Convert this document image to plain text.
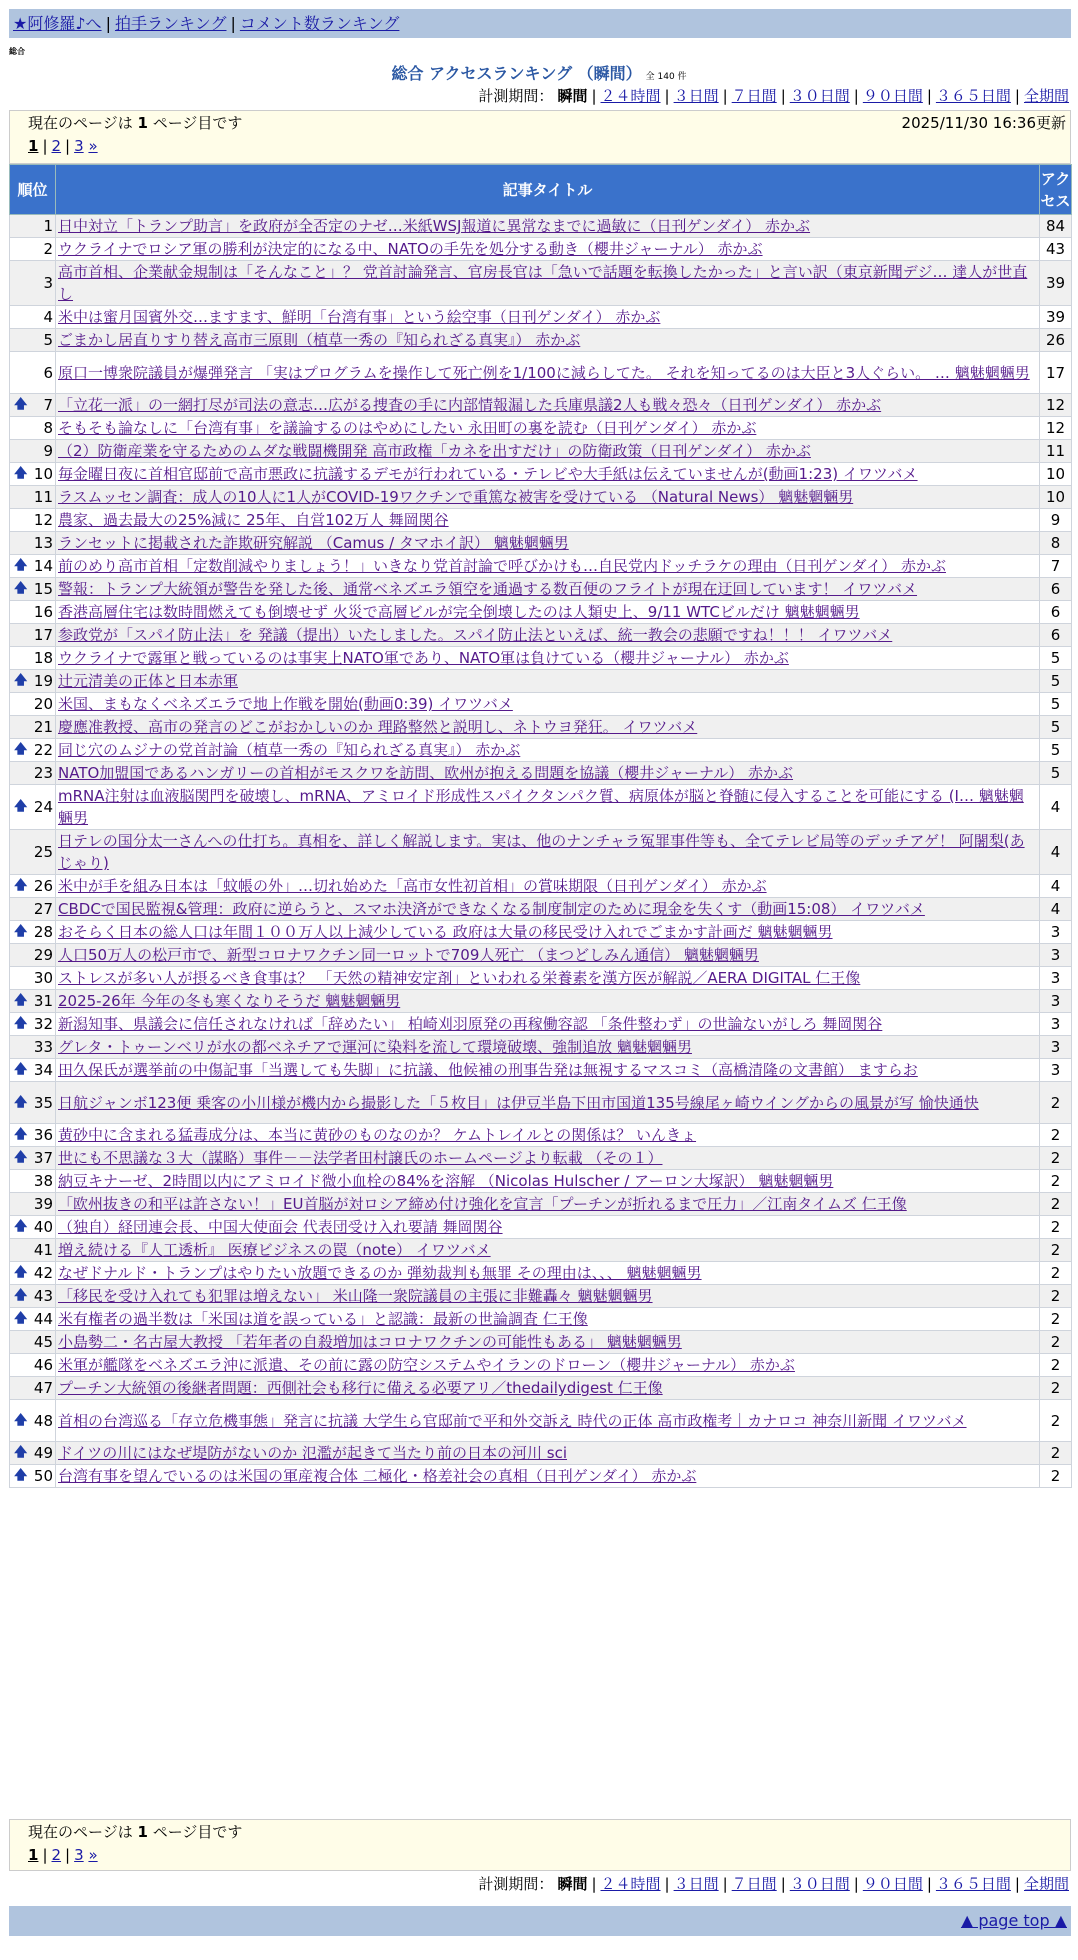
★阿修羅♪へ | 拍手ランキング | コメント数ランキング
総合
総合 アクセスランキング （瞬間） 全 140 件
計測期間： 瞬間 | ２４時間 | ３日間 | ７日間 | ３０日間 | ９０日間 | ３６５日間 | 全期間
現在のページは 1 ページ目です	2025/11/30 16:36更新
1 | 2 | 3 »
順位	記事タイトル	アクセス
1	日中対立「トランプ助言」を政府が全否定のナゼ…米紙WSJ報道に異常なまでに過敏に（日刊ゲンダイ） 赤かぶ	84
2	ウクライナでロシア軍の勝利が決定的になる中、NATOの手先を処分する動き（櫻井ジャーナル） 赤かぶ	43
3	高市首相、企業献金規制は「そんなこと」？ 党首討論発言、官房長官は「急いで話題を転換したかった」と言い訳（東京新聞デジ… 達人が世直し	39
4	米中は蜜月国賓外交…ますます、鮮明「台湾有事」という絵空事（日刊ゲンダイ） 赤かぶ	39
5	ごまかし居直りすり替え高市三原則（植草一秀の『知られざる真実』） 赤かぶ	26
6	原口一博衆院議員が爆弾発言 「実はプログラムを操作して死亡例を1/100に減らしてた。 それを知ってるのは大臣と3人ぐらい。 … 魑魅魍魎男	17

🡅 7	「立花一派」の一網打尽が司法の意志…広がる捜査の手に内部情報漏した兵庫県議2人も戦々恐々（日刊ゲンダイ） 赤かぶ	12
8	そもそも論なしに「台湾有事」を議論するのはやめにしたい 永田町の裏を読む（日刊ゲンダイ） 赤かぶ	12
9	（2）防衛産業を守るためのムダな戦闘機開発 高市政権「カネを出すだけ」の防衛政策（日刊ゲンダイ） 赤かぶ	11

🡅 10	毎金曜日夜に首相官邸前で高市悪政に抗議するデモが行われている・テレビや大手紙は伝えていませんが(動画1:23) イワツバメ	10
11	ラスムッセン調査：成人の10人に1人がCOVID-19ワクチンで重篤な被害を受けている （Natural News） 魑魅魍魎男	10
12	農家、過去最大の25%減に 25年、自営102万人 舞岡関谷	9
13	ランセットに掲載された詐欺研究解説 （Camus / タマホイ訳） 魑魅魍魎男	8

🡅 14	前のめり高市首相「定数削減やりましょう！」いきなり党首討論で呼びかけも…自民党内ドッチラケの理由（日刊ゲンダイ） 赤かぶ	7

🡅 15	警報：トランプ大統領が警告を発した後、通常ベネズエラ領空を通過する数百便のフライトが現在迂回しています！ イワツバメ	6
16	香港高層住宅は数時間燃えても倒壊せず 火災で高層ビルが完全倒壊したのは人類史上、9/11 WTCビルだけ 魑魅魍魎男	6
17	参政党が「スパイ防止法」を 発議（提出）いたしました。スパイ防止法といえば、統一教会の悲願ですね！！！ イワツバメ	6
18	ウクライナで露軍と戦っているのは事実上NATO軍であり、NATO軍は負けている（櫻井ジャーナル） 赤かぶ	5

🡅 19	辻元清美の正体と日本赤軍	5
20	米国、まもなくベネズエラで地上作戦を開始(動画0:39) イワツバメ	5
21	慶應准教授、高市の発言のどこがおかしいのか 理路整然と説明し、ネトウヨ発狂。 イワツバメ	5

🡅 22	同じ穴のムジナの党首討論（植草一秀の『知られざる真実』） 赤かぶ	5
23	NATO加盟国であるハンガリーの首相がモスクワを訪問、欧州が抱える問題を協議（櫻井ジャーナル） 赤かぶ	5

🡅 24	mRNA注射は血液脳関門を破壊し、mRNA、アミロイド形成性スパイクタンパク質、病原体が脳と脊髄に侵入することを可能にする (I… 魑魅魍魎男	4
25	日テレの国分太一さんへの仕打ち。真相を、詳しく解説します。実は、他のナンチャラ冤罪事件等も、全てテレビ局等のデッチアゲ！ 阿闍梨(あじゃり)	4

🡅 26	米中が手を組み日本は「蚊帳の外」…切れ始めた「高市女性初首相」の賞味期限（日刊ゲンダイ） 赤かぶ	4
27	CBDCで国民監視&管理：政府に逆らうと、スマホ決済ができなくなる制度制定のために現金を失くす（動画15:08） イワツバメ	4

🡅 28	おそらく日本の総人口は年間１００万人以上減少している 政府は大量の移民受け入れでごまかす計画だ 魑魅魍魎男	3
29	人口50万人の松戸市で、新型コロナワクチン同一ロットで709人死亡 （まつどしみん通信） 魑魅魍魎男	3
30	ストレスが多い人が摂るべき食事は？ 「天然の精神安定剤」といわれる栄養素を漢方医が解説／AERA DIGITAL 仁王像	3

🡅 31	2025-26年 今年の冬も寒くなりそうだ 魑魅魍魎男	3

🡅 32	新潟知事、県議会に信任されなければ「辞めたい」 柏崎刈羽原発の再稼働容認 「条件整わず」の世論ないがしろ 舞岡関谷	3
33	グレタ・トゥーンベリが水の都ベネチアで運河に染料を流して環境破壊、強制追放 魑魅魍魎男	3

🡅 34	田久保氏が選挙前の中傷記事「当選しても失脚」に抗議、他候補の刑事告発は無視するマスコミ（高橋清隆の文書館） ますらお	3

🡅 35	日航ジャンボ123便 乗客の小川様が機内から撮影した「５枚目」は伊豆半島下田市国道135号線尾ヶ崎ウイングからの風景が写 愉快通快	2

🡅 36	黄砂中に含まれる猛毒成分は、本当に黄砂のものなのか？ ケムトレイルとの関係は？ いんきょ	2

🡅 37	世にも不思議な３大（謀略）事件－－法学者田村譲氏のホームページより転載 （その１）	2
38	納豆キナーゼ、2時間以内にアミロイド微小血栓の84%を溶解 （Nicolas Hulscher / アーロン大塚訳） 魑魅魍魎男	2
39	「欧州抜きの和平は許さない！」EU首脳が対ロシア締め付け強化を宣言「プーチンが折れるまで圧力」／江南タイムズ 仁王像	2

🡅 40	（独自）経団連会長、中国大使面会 代表団受け入れ要請 舞岡関谷	2
41	増え続ける『人工透析』 医療ビジネスの罠（note） イワツバメ	2

🡅 42	なぜドナルド・トランプはやりたい放題できるのか 弾劾裁判も無罪 その理由は、、、 魑魅魍魎男	2

🡅 43	「移民を受け入れても犯罪は増えない」 米山隆一衆院議員の主張に非難轟々 魑魅魍魎男	2

🡅 44	米有権者の過半数は「米国は道を誤っている」と認識：最新の世論調査 仁王像	2
45	小島勢二・名古屋大教授 「若年者の自殺増加はコロナワクチンの可能性もある」 魑魅魍魎男	2
46	米軍が艦隊をベネズエラ沖に派遣、その前に露の防空システムやイランのドローン（櫻井ジャーナル） 赤かぶ	2
47	プーチン大統領の後継者問題：西側社会も移行に備える必要アリ／thedailydigest 仁王像	2

🡅 48	首相の台湾巡る「存立危機事態」発言に抗議 大学生ら官邸前で平和外交訴え 時代の正体 高市政権考｜カナロコ 神奈川新聞 イワツバメ	2

🡅 49	ドイツの川にはなぜ堤防がないのか 氾濫が起きて当たり前の日本の河川 sci	2

🡅 50	台湾有事を望んでいるのは米国の軍産複合体 二極化・格差社会の真相（日刊ゲンダイ） 赤かぶ	2
現在のページは 1 ページ目です
1 | 2 | 3 »
計測期間： 瞬間 | ２４時間 | ３日間 | ７日間 | ３０日間 | ９０日間 | ３６５日間 | 全期間
▲ page top ▲
